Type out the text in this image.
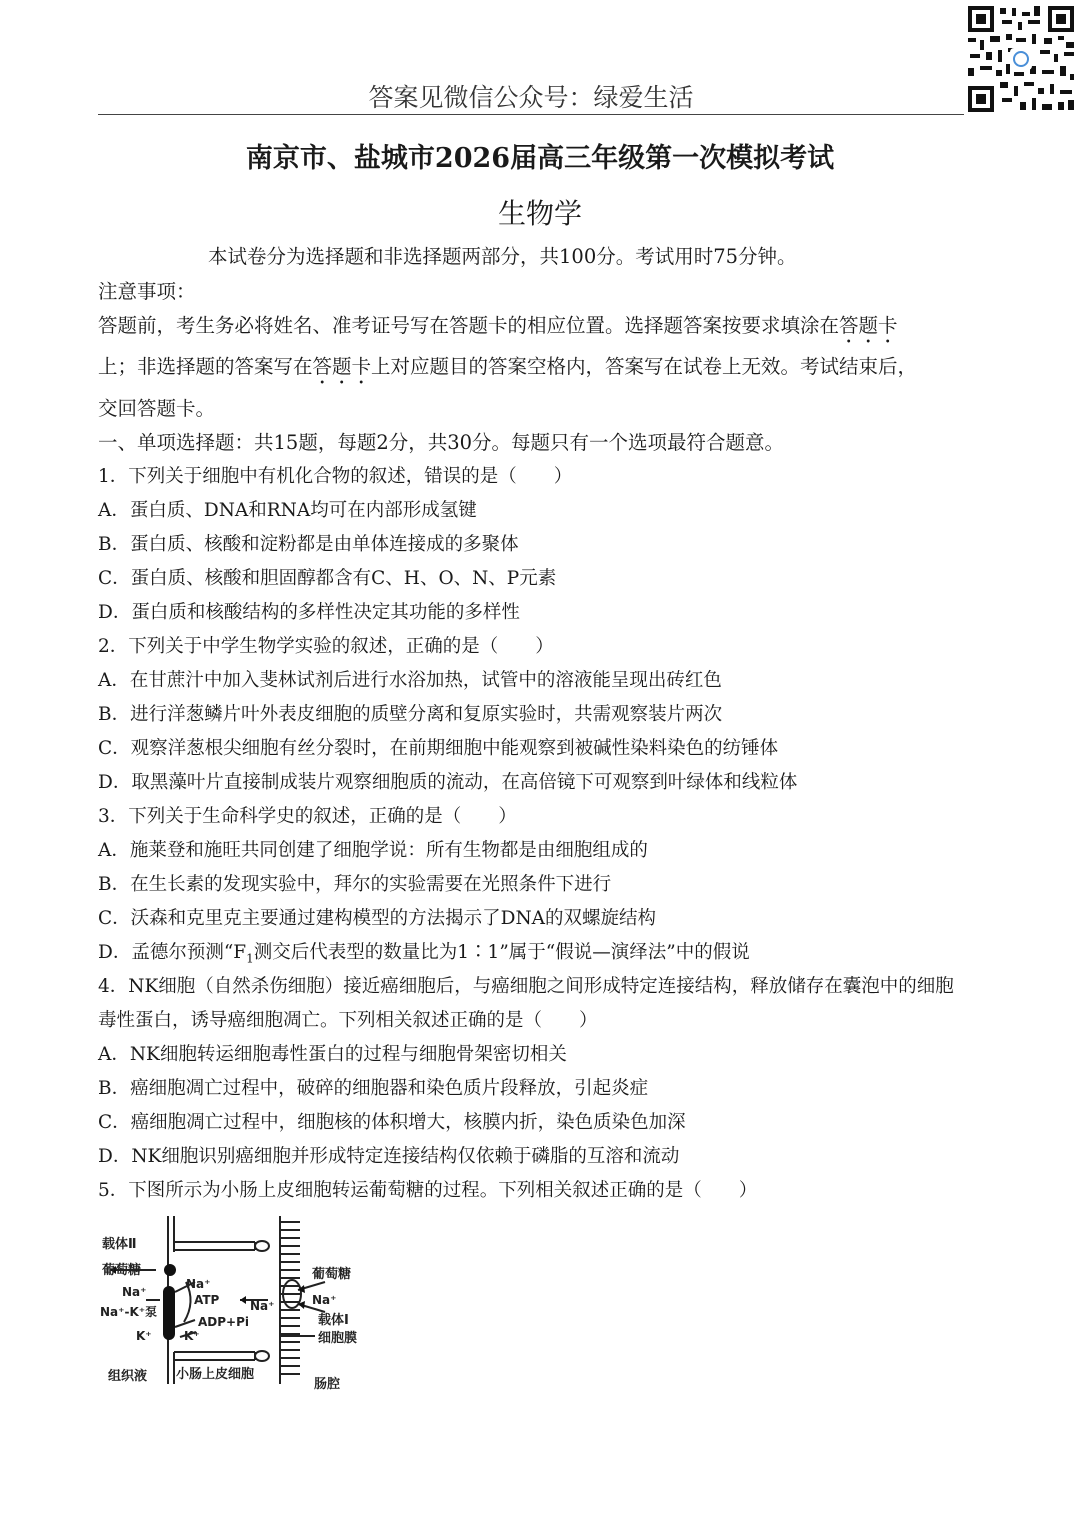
答案见微信公众号：绿爱生活
南京市、盐城市2026届高三年级第一次模拟考试
生物学
本试卷分为选择题和非选择题两部分，共100分。考试用时75分钟。
注意事项：
答题前，考生务必将姓名、准考证号写在答题卡的相应位置。选择题答案按要求填涂在答题卡
上；非选择题的答案写在答题卡上对应题目的答案空格内，答案写在试卷上无效。考试结束后，
交回答题卡。
一、单项选择题：共15题，每题2分，共30分。每题只有一个选项最符合题意。
1．下列关于细胞中有机化合物的叙述，错误的是（　　）
A．蛋白质、DNA和RNA均可在内部形成氢键
B．蛋白质、核酸和淀粉都是由单体连接成的多聚体
C．蛋白质、核酸和胆固醇都含有C、H、O、N、P元素
D．蛋白质和核酸结构的多样性决定其功能的多样性
2．下列关于中学生物学实验的叙述，正确的是（　　）
A．在甘蔗汁中加入斐林试剂后进行水浴加热，试管中的溶液能呈现出砖红色
B．进行洋葱鳞片叶外表皮细胞的质壁分离和复原实验时，共需观察装片两次
C．观察洋葱根尖细胞有丝分裂时，在前期细胞中能观察到被碱性染料染色的纺锤体
D．取黑藻叶片直接制成装片观察细胞质的流动，在高倍镜下可观察到叶绿体和线粒体
3．下列关于生命科学史的叙述，正确的是（　　）
A．施莱登和施旺共同创建了细胞学说：所有生物都是由细胞组成的
B．在生长素的发现实验中，拜尔的实验需要在光照条件下进行
C．沃森和克里克主要通过建构模型的方法揭示了DNA的双螺旋结构
D．孟德尔预测“$F_1$测交后代表型的数量比为1∶1”属于“假说—演绎法”中的假说
4．NK细胞（自然杀伤细胞）接近癌细胞后，与癌细胞之间形成特定连接结构，释放储存在囊泡中的细胞
毒性蛋白，诱导癌细胞凋亡。下列相关叙述正确的是（　　）
A．NK细胞转运细胞毒性蛋白的过程与细胞骨架密切相关
B．癌细胞凋亡过程中，破碎的细胞器和染色质片段释放，引起炎症
C．癌细胞凋亡过程中，细胞核的体积增大，核膜内折，染色质染色加深
D．NK细胞识别癌细胞并形成特定连接结构仅依赖于磷脂的互溶和流动
5．下图所示为小肠上皮细胞转运葡萄糖的过程。下列相关叙述正确的是（　　）
载体Ⅱ
葡萄糖
Na⁺
Na⁺-K⁺泵
K⁺
Na⁺
ATP
ADP+Pi
K⁺
葡萄糖
Na⁺
Na⁺
载体Ⅰ
细胞膜
组织液 小肠上皮细胞
肠腔
